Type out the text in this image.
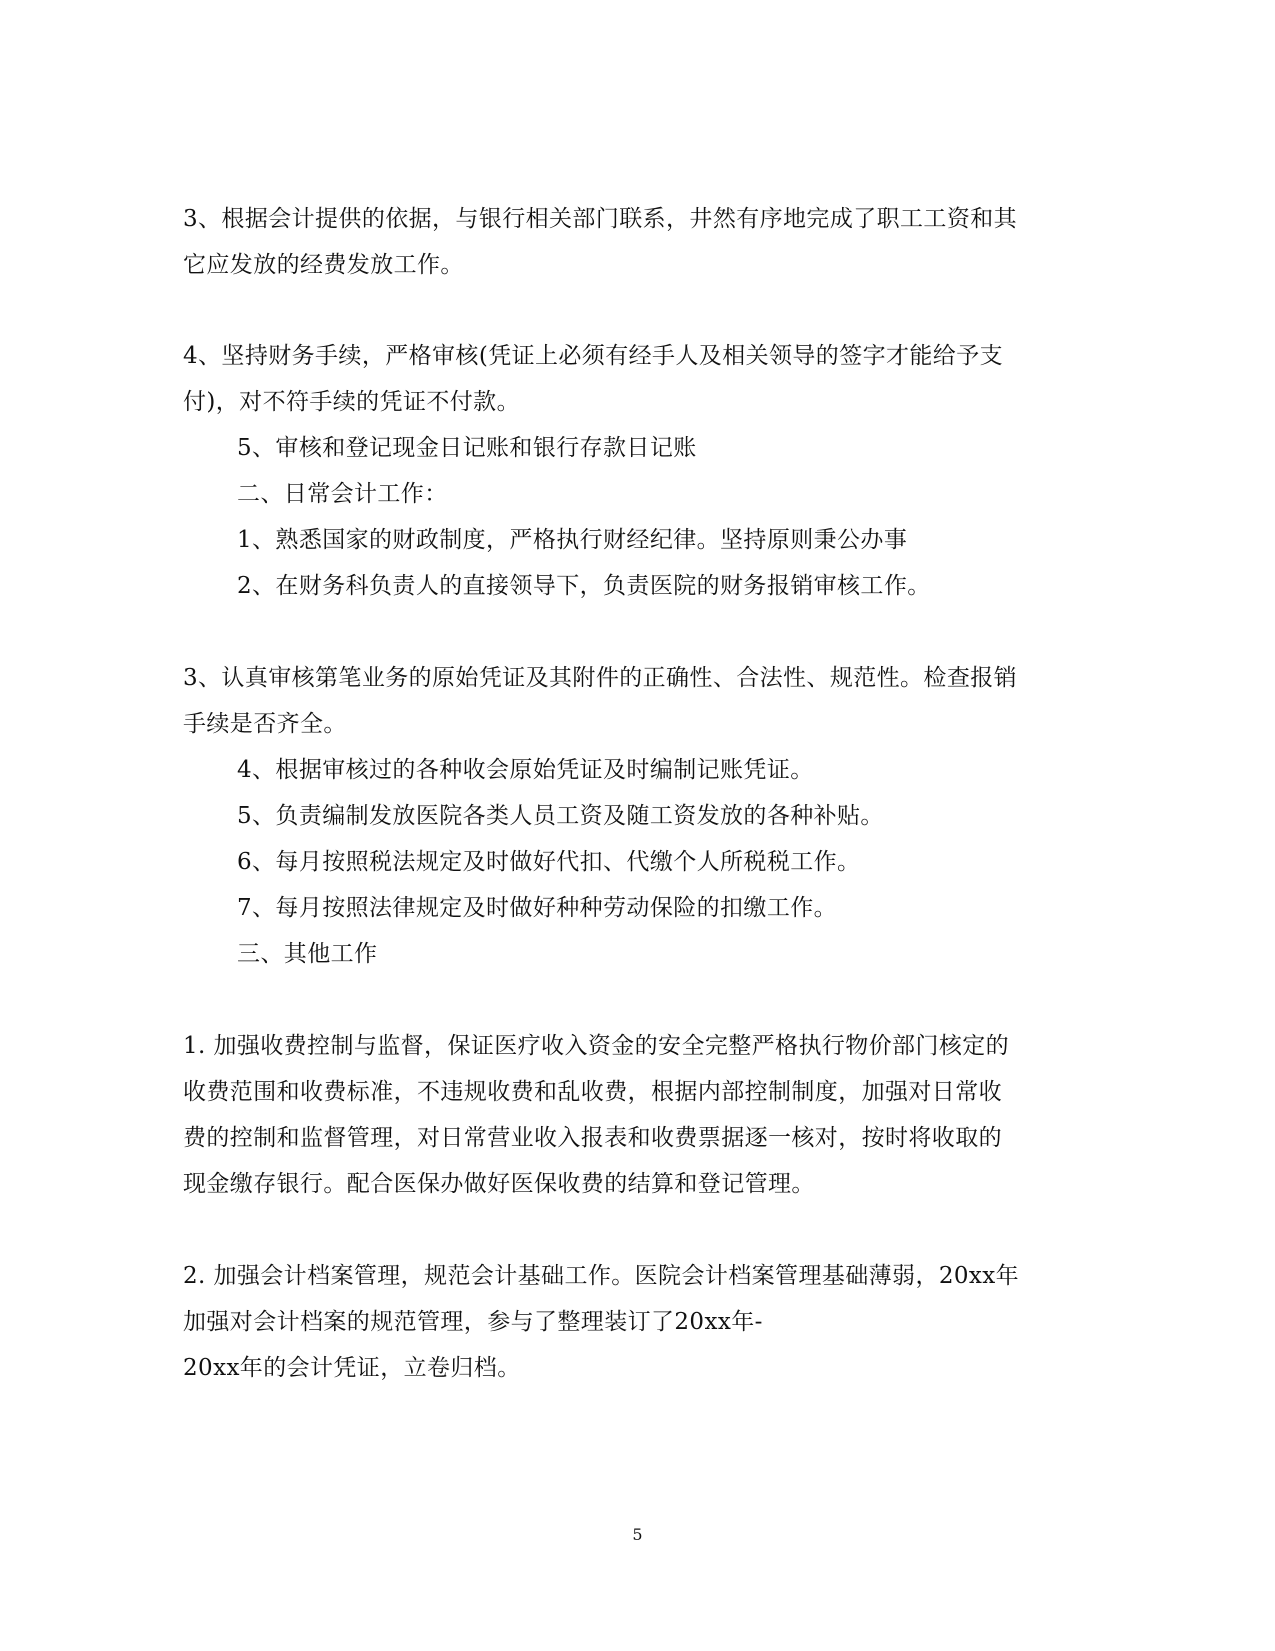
3、根据会计提供的依据，与银行相关部门联系，井然有序地完成了职工工资和其
它应发放的经费发放工作。
4、坚持财务手续，严格审核(凭证上必须有经手人及相关领导的签字才能给予支
付)，对不符手续的凭证不付款。
5、审核和登记现金日记账和银行存款日记账
二、日常会计工作：
1、熟悉国家的财政制度，严格执行财经纪律。坚持原则秉公办事
2、在财务科负责人的直接领导下，负责医院的财务报销审核工作。
3、认真审核第笔业务的原始凭证及其附件的正确性、合法性、规范性。检查报销
手续是否齐全。
4、根据审核过的各种收会原始凭证及时编制记账凭证。
5、负责编制发放医院各类人员工资及随工资发放的各种补贴。
6、每月按照税法规定及时做好代扣、代缴个人所税税工作。
7、每月按照法律规定及时做好种种劳动保险的扣缴工作。
三、其他工作
1. 加强收费控制与监督，保证医疗收入资金的安全完整严格执行物价部门核定的
收费范围和收费标准，不违规收费和乱收费，根据内部控制制度，加强对日常收
费的控制和监督管理，对日常营业收入报表和收费票据逐一核对，按时将收取的
现金缴存银行。配合医保办做好医保收费的结算和登记管理。
2. 加强会计档案管理，规范会计基础工作。医院会计档案管理基础薄弱，20xx年
加强对会计档案的规范管理，参与了整理装订了20xx年-
20xx年的会计凭证，立卷归档。
5
